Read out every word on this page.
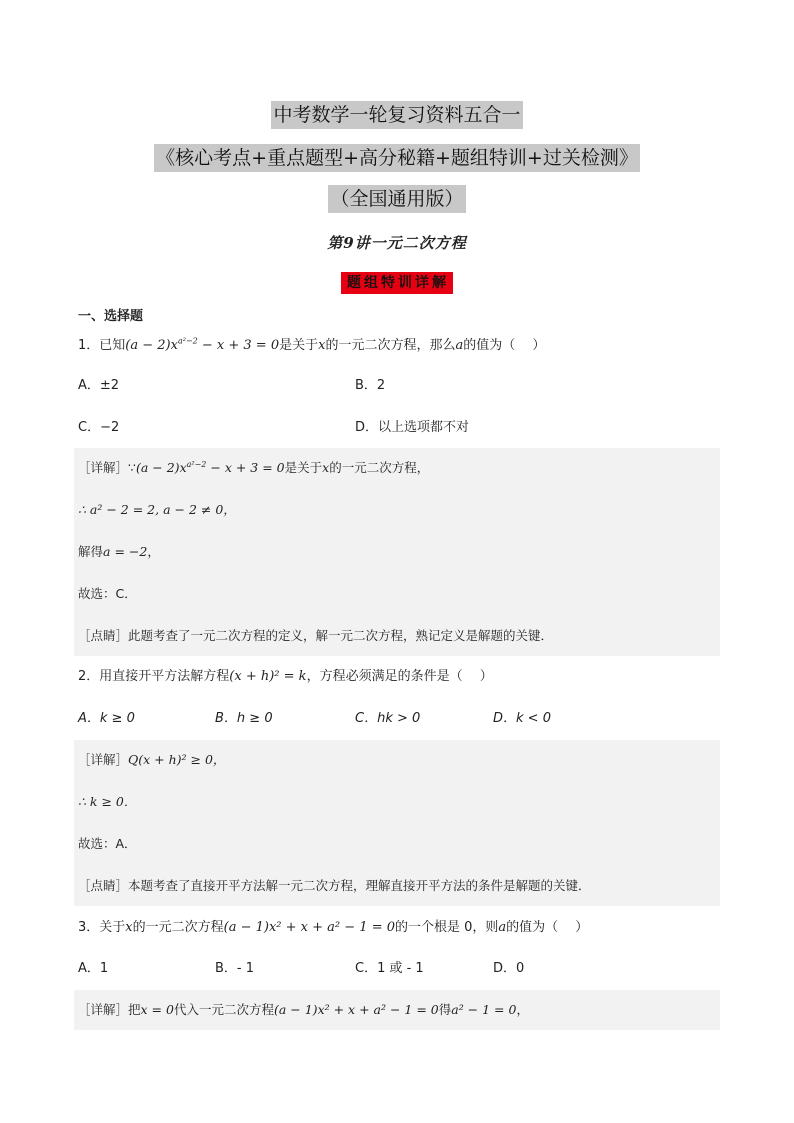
中考数学一轮复习资料五合一
《核心考点+重点题型+高分秘籍+题组特训+过关检测》
（全国通用版）
第9讲一元二次方程
题组特训详解
一、选择题
1．已知$(a - 2)x^{a^2-2} - x + 3 = 0$是关于x的一元二次方程，那么a的值为（　 ）
A．±2	B．2
C．−2	D．以上选项都不对
［详解］∵(a − $2)x^{a^2-2} - x + 3 = 0$是关于x的一元二次方程，
∴ a² − 2 = 2, a − 2 ≠ 0，
解得a = −2，
故选：C．
［点睛］此题考查了一元二次方程的定义，解一元二次方程，熟记定义是解题的关键．
2．用直接开平方法解方程(x + h)² = k，方程必须满足的条件是（　 ）
A．k ≥ 0	B．h ≥ 0	C．hk > 0	D．k < 0
［详解］Q(x + h)² ≥ 0，
∴ k ≥ 0．
故选：A．
［点睛］本题考查了直接开平方法解一元二次方程，理解直接开平方法的条件是解题的关键．
3．关于x的一元二次方程(a − 1)x² + x + a² − 1 = 0的一个根是 0，则a的值为（　 ）
A．1	B．- 1	C．1 或 - 1	D．0
［详解］把x = 0代入一元二次方程(a − 1)x² + x + a² − 1 = 0得a² − 1 = 0，
